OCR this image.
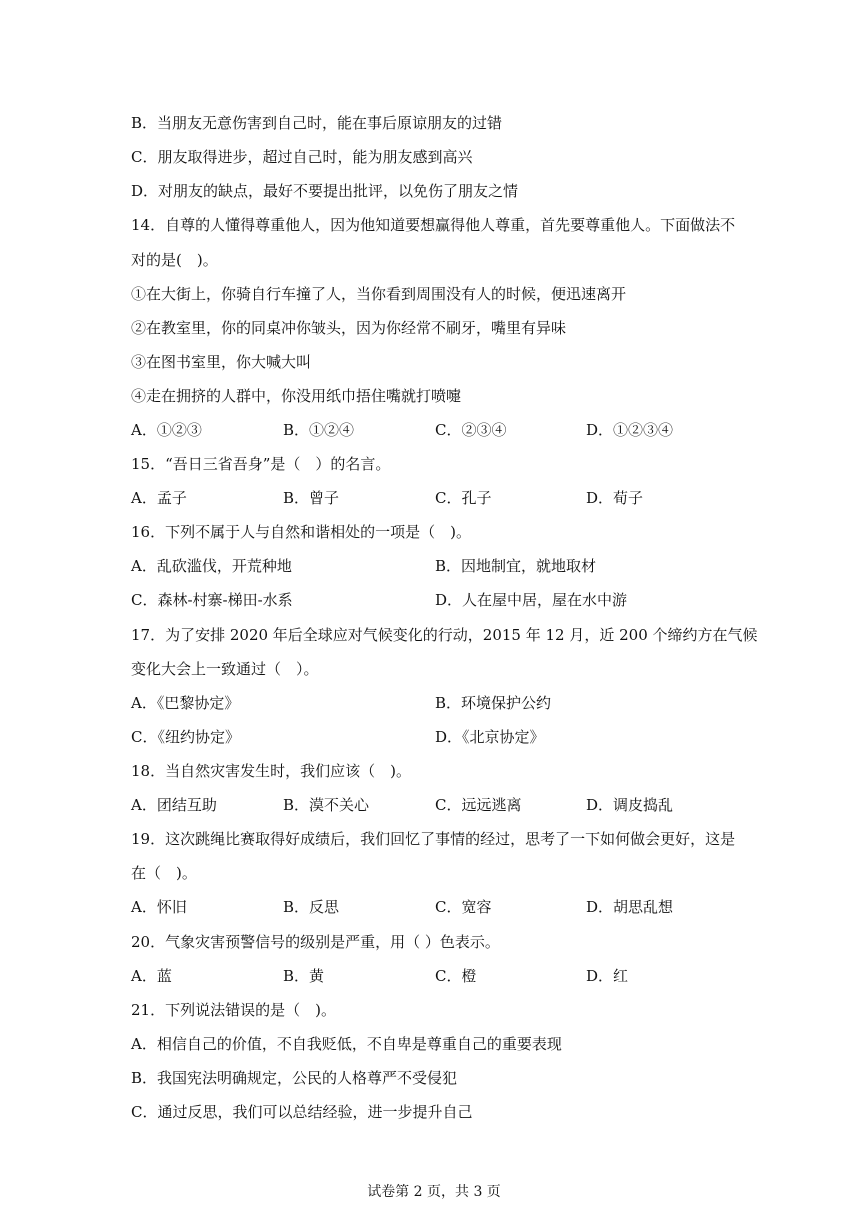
B．当朋友无意伤害到自己时，能在事后原谅朋友的过错
C．朋友取得进步，超过自己时，能为朋友感到高兴
D．对朋友的缺点，最好不要提出批评，以免伤了朋友之情
14．自尊的人懂得尊重他人，因为他知道要想赢得他人尊重，首先要尊重他人。下面做法不
对的是(　)。
①在大街上，你骑自行车撞了人，当你看到周围没有人的时候，便迅速离开
②在教室里，你的同桌冲你皱头，因为你经常不刷牙，嘴里有异味
③在图书室里，你大喊大叫
④走在拥挤的人群中，你没用纸巾捂住嘴就打喷嚏
A．①②③	B．①②④	C．②③④	D．①②③④
15．“吾日三省吾身”是（　）的名言。
A．孟子	B．曾子	C．孔子	D．荀子
16．下列不属于人与自然和谐相处的一项是（　)。
A．乱砍滥伐，开荒种地	B．因地制宜，就地取材
C．森林-村寨-梯田-水系	D．人在屋中居，屋在水中游
17．为了安排 2020 年后全球应对气候变化的行动，2015 年 12 月，近 200 个缔约方在气候
变化大会上一致通过（　）。
A．《巴黎协定》	B．环境保护公约
C．《纽约协定》	D．《北京协定》
18．当自然灾害发生时，我们应该（　)。
A．团结互助	B．漠不关心	C．远远逃离	D．调皮捣乱
19．这次跳绳比赛取得好成绩后，我们回忆了事情的经过，思考了一下如何做会更好，这是
在（　)。
A．怀旧	B．反思	C．宽容	D．胡思乱想
20．气象灾害预警信号的级别是严重，用（ ）色表示。
A．蓝	B．黄	C．橙	D．红
21．下列说法错误的是（　)。
A．相信自己的价值，不自我贬低，不自卑是尊重自己的重要表现
B．我国宪法明确规定，公民的人格尊严不受侵犯
C．通过反思，我们可以总结经验，进一步提升自己
试卷第 2 页，共 3 页
